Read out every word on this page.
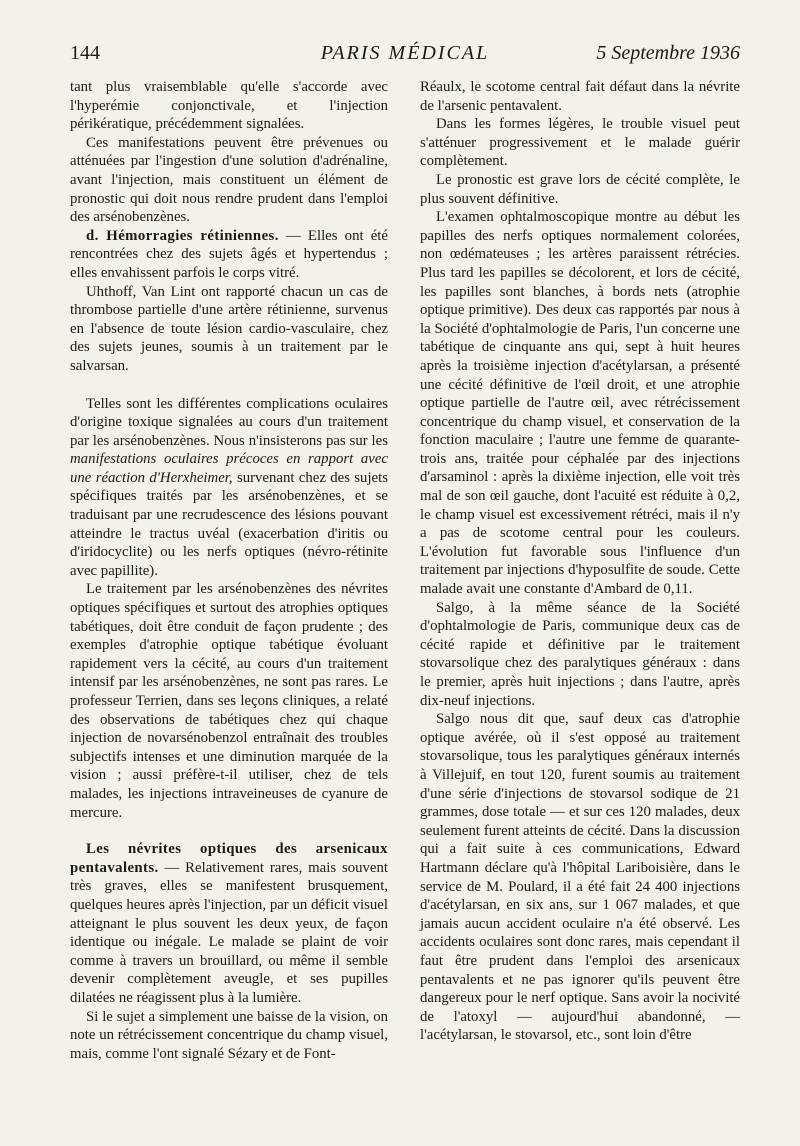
144	PARIS MÉDICAL	5 Septembre 1936

tant plus vraisemblable qu'elle s'accorde avec l'hyperémie conjonctivale, et l'injection périkératique, précédemment signalées.

Ces manifestations peuvent être prévenues ou atténuées par l'ingestion d'une solution d'adrénaline, avant l'injection, mais constituent un élément de pronostic qui doit nous rendre prudent dans l'emploi des arsénobenzènes.

d. Hémorragies rétiniennes. — Elles ont été rencontrées chez des sujets âgés et hypertendus ; elles envahissent parfois le corps vitré.

Uhthoff, Van Lint ont rapporté chacun un cas de thrombose partielle d'une artère rétinienne, survenus en l'absence de toute lésion cardio-vasculaire, chez des sujets jeunes, soumis à un traitement par le salvarsan.

Telles sont les différentes complications oculaires d'origine toxique signalées au cours d'un traitement par les arsénobenzènes. Nous n'insisterons pas sur les manifestations oculaires précoces en rapport avec une réaction d'Herxheimer, survenant chez des sujets spécifiques traités par les arsénobenzènes, et se traduisant par une recrudescence des lésions pouvant atteindre le tractus uvéal (exacerbation d'iritis ou d'iridocyclite) ou les nerfs optiques (névro-rétinite avec papillite).

Le traitement par les arsénobenzènes des névrites optiques spécifiques et surtout des atrophies optiques tabétiques, doit être conduit de façon prudente ; des exemples d'atrophie optique tabétique évoluant rapidement vers la cécité, au cours d'un traitement intensif par les arsénobenzènes, ne sont pas rares. Le professeur Terrien, dans ses leçons cliniques, a relaté des observations de tabétiques chez qui chaque injection de novarsénobenzol entraînait des troubles subjectifs intenses et une diminution marquée de la vision ; aussi préfère-t-il utiliser, chez de tels malades, les injections intraveineuses de cyanure de mercure.

Les névrites optiques des arsenicaux pentavalents. — Relativement rares, mais souvent très graves, elles se manifestent brusquement, quelques heures après l'injection, par un déficit visuel atteignant le plus souvent les deux yeux, de façon identique ou inégale. Le malade se plaint de voir comme à travers un brouillard, ou même il semble devenir complètement aveugle, et ses pupilles dilatées ne réagissent plus à la lumière.

Si le sujet a simplement une baisse de la vision, on note un rétrécissement concentrique du champ visuel, mais, comme l'ont signalé Sézary et de Font-

Réaulx, le scotome central fait défaut dans la névrite de l'arsenic pentavalent.

Dans les formes légères, le trouble visuel peut s'atténuer progressivement et le malade guérir complètement.

Le pronostic est grave lors de cécité complète, le plus souvent définitive.

L'examen ophtalmoscopique montre au début les papilles des nerfs optiques normalement colorées, non œdémateuses ; les artères paraissent rétrécies. Plus tard les papilles se décolorent, et lors de cécité, les papilles sont blanches, à bords nets (atrophie optique primitive). Des deux cas rapportés par nous à la Société d'ophtalmologie de Paris, l'un concerne une tabétique de cinquante ans qui, sept à huit heures après la troisième injection d'acétylarsan, a présenté une cécité définitive de l'œil droit, et une atrophie optique partielle de l'autre œil, avec rétrécissement concentrique du champ visuel, et conservation de la fonction maculaire ; l'autre une femme de quarante-trois ans, traitée pour céphalée par des injections d'arsaminol : après la dixième injection, elle voit très mal de son œil gauche, dont l'acuité est réduite à 0,2, le champ visuel est excessivement rétréci, mais il n'y a pas de scotome central pour les couleurs. L'évolution fut favorable sous l'influence d'un traitement par injections d'hyposulfite de soude. Cette malade avait une constante d'Ambard de 0,11.

Salgo, à la même séance de la Société d'ophtalmologie de Paris, communique deux cas de cécité rapide et définitive par le traitement stovarsolique chez des paralytiques généraux : dans le premier, après huit injections ; dans l'autre, après dix-neuf injections.

Salgo nous dit que, sauf deux cas d'atrophie optique avérée, où il s'est opposé au traitement stovarsolique, tous les paralytiques généraux internés à Villejuif, en tout 120, furent soumis au traitement d'une série d'injections de stovarsol sodique de 21 grammes, dose totale — et sur ces 120 malades, deux seulement furent atteints de cécité. Dans la discussion qui a fait suite à ces communications, Edward Hartmann déclare qu'à l'hôpital Lariboisière, dans le service de M. Poulard, il a été fait 24 400 injections d'acétylarsan, en six ans, sur 1 067 malades, et que jamais aucun accident oculaire n'a été observé. Les accidents oculaires sont donc rares, mais cependant il faut être prudent dans l'emploi des arsenicaux pentavalents et ne pas ignorer qu'ils peuvent être dangereux pour le nerf optique. Sans avoir la nocivité de l'atoxyl — aujourd'hui abandonné, — l'acétylarsan, le stovarsol, etc., sont loin d'être
